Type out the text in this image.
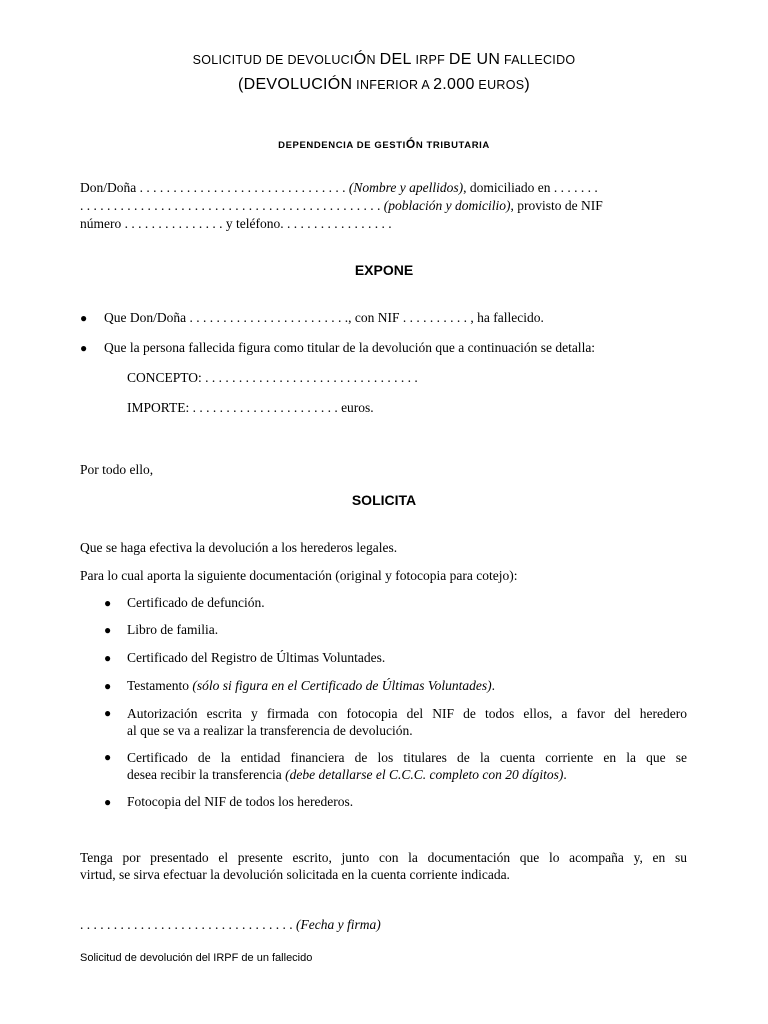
SOLICITUD DE DEVOLUCIÓN DEL IRPF DE UN FALLECIDO
(DEVOLUCIÓN INFERIOR A 2.000 EUROS)
DEPENDENCIA DE GESTIÓN TRIBUTARIA
Don/Doña . . . . . . . . . . . . . . . . . . . . . . . . . . . . . . . (Nombre y apellidos), domiciliado en . . . . . . .
. . . . . . . . . . . . . . . . . . . . . . . . . . . . . . . . . . . . . . . . . . . . . (población y domicilio), provisto de NIF
número . . . . . . . . . . . . . . . y teléfono. . . . . . . . . . . . . . . . .
EXPONE
● Que Don/Doña . . . . . . . . . . . . . . . . . . . . . . . ., con NIF . . . . . . . . . . , ha fallecido.
● Que la persona fallecida figura como titular de la devolución que a continuación se detalla:
CONCEPTO: . . . . . . . . . . . . . . . . . . . . . . . . . . . . . . . .
IMPORTE: . . . . . . . . . . . . . . . . . . . . . . euros.
Por todo ello,
SOLICITA
Que se haga efectiva la devolución a los herederos legales.
Para lo cual aporta la siguiente documentación (original y fotocopia para cotejo):
● Certificado de defunción.
● Libro de familia.
● Certificado del Registro de Últimas Voluntades.
● Testamento (sólo si figura en el Certificado de Últimas Voluntades).
● Autorización escrita y firmada con fotocopia del NIF de todos ellos, a favor del heredero
al que se va a realizar la transferencia de devolución.
● Certificado de la entidad financiera de los titulares de la cuenta corriente en la que se
desea recibir la transferencia (debe detallarse el C.C.C. completo con 20 dígitos).
● Fotocopia del NIF de todos los herederos.
Tenga por presentado el presente escrito, junto con la documentación que lo acompaña y, en su
virtud, se sirva efectuar la devolución solicitada en la cuenta corriente indicada.
. . . . . . . . . . . . . . . . . . . . . . . . . . . . . . . . (Fecha y firma)
Solicitud de devolución del IRPF de un fallecido
